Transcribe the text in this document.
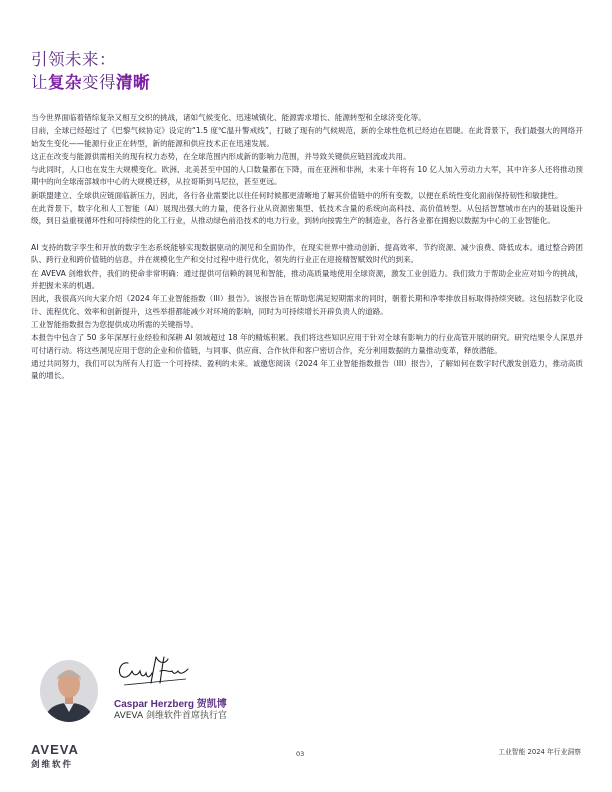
引领未来：
让复杂变得清晰

当今世界面临着错综复杂又相互交织的挑战，诸如气候变化、迅速城镇化、能源需求增长、能源转型和全球济变化等。

目前，全球已经超过了《巴黎气候协定》设定的“1.5 度℃温升警戒线”，打破了现有的气候规范，新的全球性危机已经迫在眉睫。在此背景下，我们最强大的网络开始发生变化——能源行业正在转型，新的能源和供应技术正在迅速发展。

这正在改变与能源供需相关的现有权力态势，在全球范围内形成新的影响力范围，并导致关键供应链回流或共用。

与此同时，人口也在发生大规模变化。欧洲、北美甚至中国的人口数量都在下降，而在亚洲和非洲，未来十年将有 10 亿人加入劳动力大军，其中许多人还将推动预期中的向全球南部城市中心的大规模迁移，从拉哥斯到马尼拉，甚至更远。

新联盟建立、全球供应链面临新压力，因此，各行各业需要比以往任何时候都更清晰地了解其价值链中的所有变数，以便在系统性变化面前保持韧性和敏捷性。

在此背景下，数字化和人工智能（AI）展现出强大的力量，使各行业从资源密集型、低技术含量的系统向高科技、高价值转型。从包括智慧城市在内的基础设施升级，到日益重视循环性和可持续性的化工行业，从推动绿色前沿技术的电力行业，到转向按需生产的制造业，各行各业都在拥抱以数据为中心的工业智能化。

AI 支持的数字孪生和开放的数字生态系统能够实现数据驱动的洞见和全面协作，在现实世界中推动创新、提高效率、节约资源、减少浪费、降低成本。通过整合跨团队、跨行业和跨价值链的信息，并在规模化生产和交付过程中进行优化，领先的行业正在迎接精智赋效时代的到来。

在 AVEVA 剑维软件，我们的使命非常明确：通过提供可信赖的洞见和智能，推动高质量地使用全球资源，激发工业创造力。我们致力于帮助企业应对如今的挑战，并把握未来的机遇。

因此，我很高兴向大家介绍《2024 年工业智能指数（III）报告》。该报告旨在帮助您满足短期需求的同时，朝着长期和净零排放目标取得持续突破。这包括数字化设计、流程优化、效率和创新提升，这些举措都能减少对环境的影响，同时为可持续增长开辟负责人的道路。

工业智能指数报告为您提供成功所需的关键指导。

本报告中包含了 50 多年深厚行业经验和深耕 AI 领域超过 18 年的精炼积累。我们将这些知识应用于针对全球有影响力的行业高管开展的研究。研究结果令人深思并可付诸行动。将这些洞见应用于您的企业和价值链，与同事、供应商、合作伙伴和客户密切合作，充分利用数据的力量推动变革，释放潜能。

通过共同努力，我们可以为所有人打造一个可持续、盈利的未来。诚邀您阅读《2024 年工业智能指数报告（III）报告》，了解如何在数字时代激发创造力，推动高质量的增长。

Caspar Herzberg 贺凯博
AVEVA 剑维软件首席执行官
AVEVA
剑维软件
03	工业智能 2024 年行业洞察
